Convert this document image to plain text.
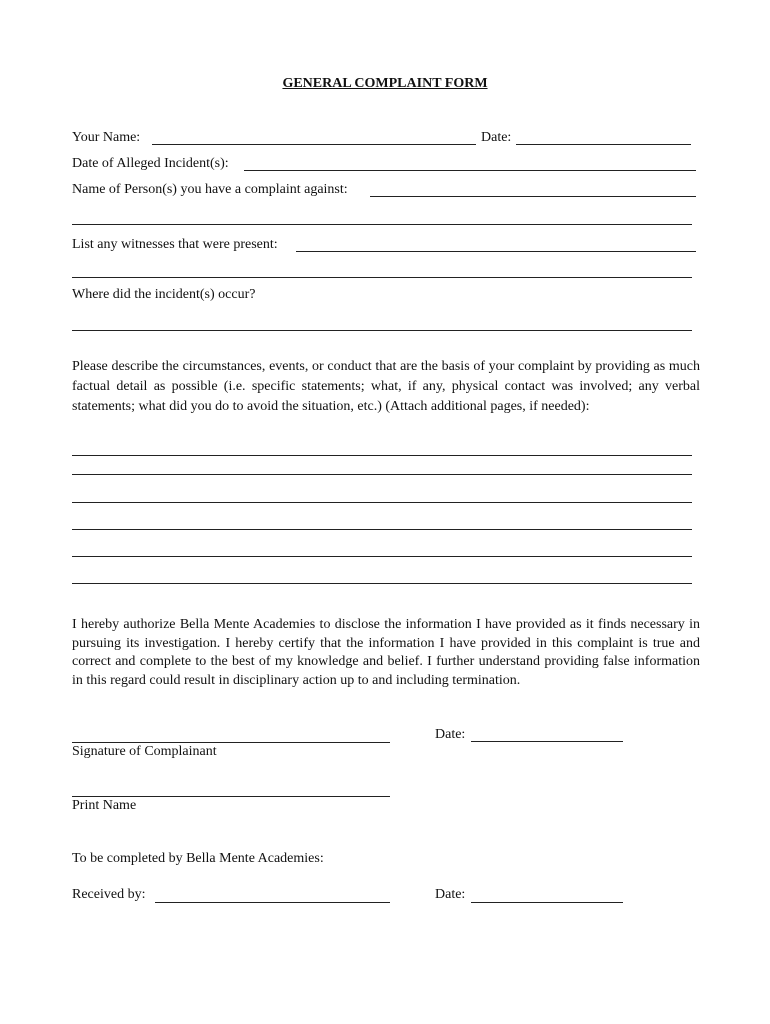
GENERAL COMPLAINT FORM
Your Name:	Date:
Date of Alleged Incident(s):
Name of Person(s) you have a complaint against:
List any witnesses that were present:
Where did the incident(s) occur?
Please describe the circumstances, events, or conduct that are the basis of your complaint by providing as much factual detail as possible (i.e. specific statements; what, if any, physical contact was involved; any verbal statements; what did you do to avoid the situation, etc.) (Attach additional pages, if needed):
I hereby authorize Bella Mente Academies to disclose the information I have provided as it finds necessary in pursuing its investigation. I hereby certify that the information I have provided in this complaint is true and correct and complete to the best of my knowledge and belief. I further understand providing false information in this regard could result in disciplinary action up to and including termination.
Signature of Complainant
Date:
Print Name
To be completed by Bella Mente Academies:
Received by:	Date:
